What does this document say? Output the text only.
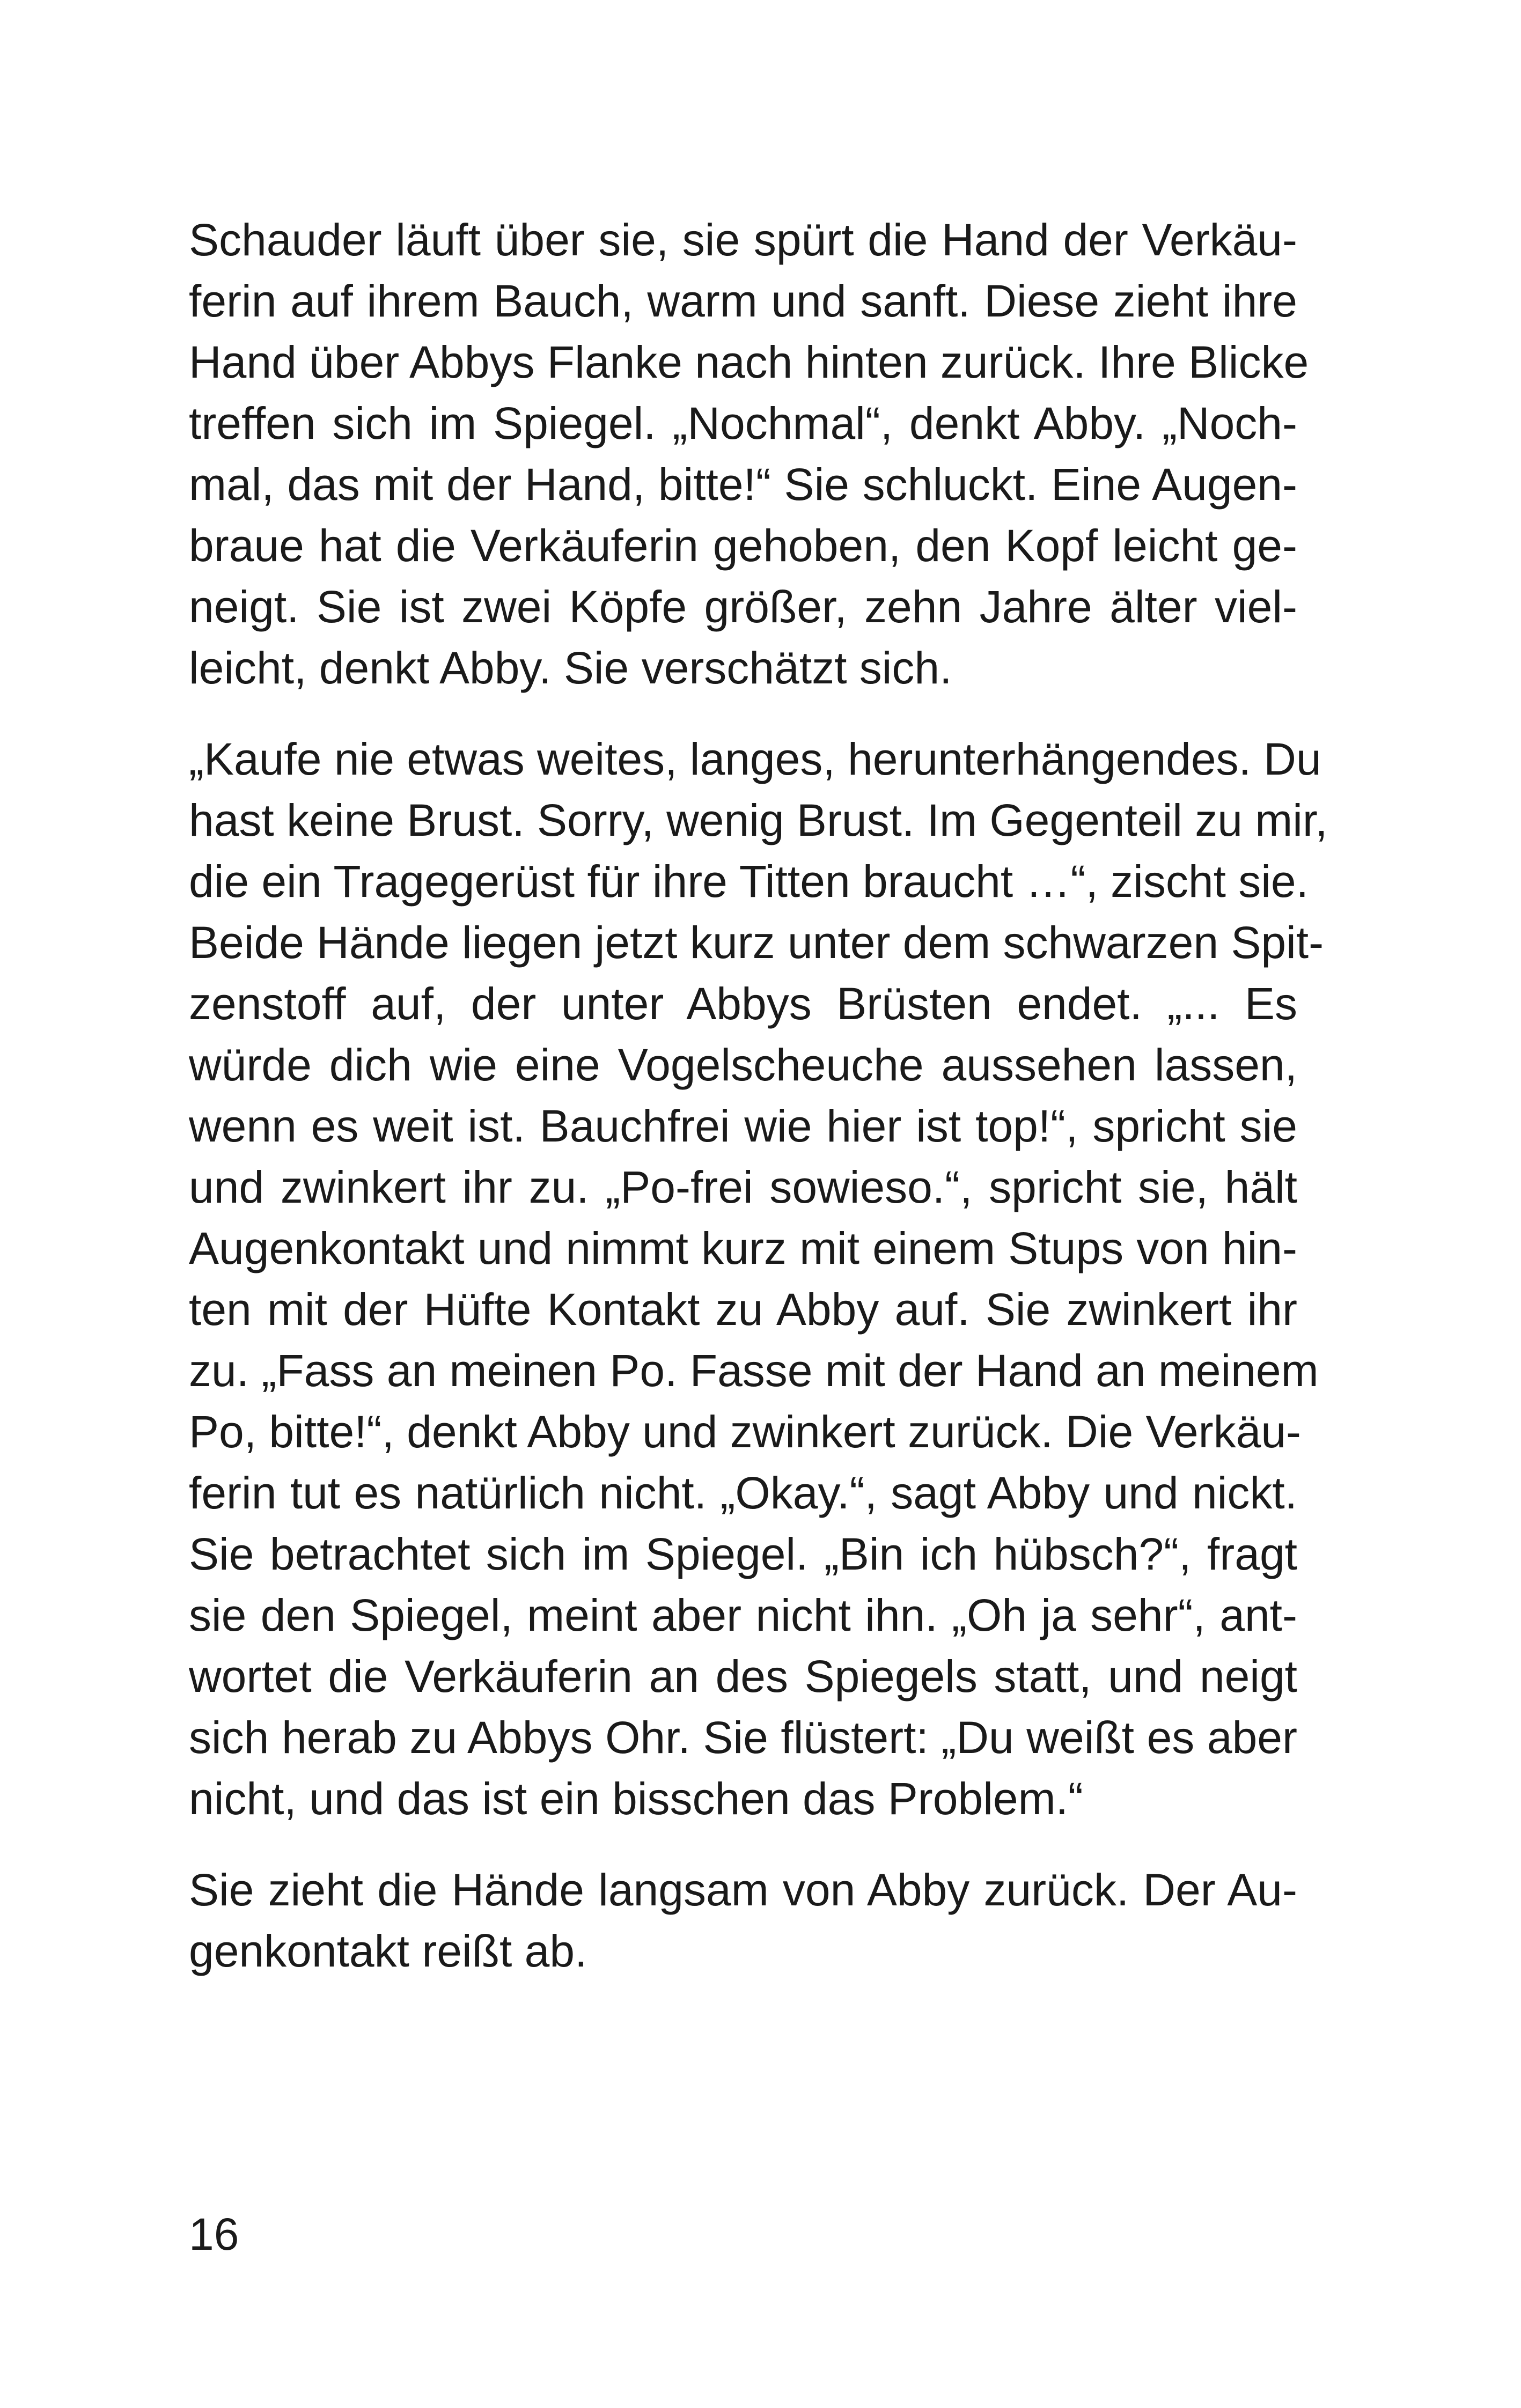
Schauder läuft über sie, sie spürt die Hand der Verkäu-
ferin auf ihrem Bauch, warm und sanft. Diese zieht ihre
Hand über Abbys Flanke nach hinten zurück. Ihre Blicke
treffen sich im Spiegel. „Nochmal“, denkt Abby. „Noch-
mal, das mit der Hand, bitte!“ Sie schluckt. Eine Augen-
braue hat die Verkäuferin gehoben, den Kopf leicht ge-
neigt. Sie ist zwei Köpfe größer, zehn Jahre älter viel-
leicht, denkt Abby. Sie verschätzt sich.

„Kaufe nie etwas weites, langes, herunterhängendes. Du
hast keine Brust. Sorry, wenig Brust. Im Gegenteil zu mir,
die ein Tragegerüst für ihre Titten braucht …“, zischt sie.
Beide Hände liegen jetzt kurz unter dem schwarzen Spit-
zenstoff auf, der unter Abbys Brüsten endet. „... Es
würde dich wie eine Vogelscheuche aussehen lassen,
wenn es weit ist. Bauchfrei wie hier ist top!“, spricht sie
und zwinkert ihr zu. „Po-frei sowieso.“, spricht sie, hält
Augenkontakt und nimmt kurz mit einem Stups von hin-
ten mit der Hüfte Kontakt zu Abby auf. Sie zwinkert ihr
zu. „Fass an meinen Po. Fasse mit der Hand an meinem
Po, bitte!“, denkt Abby und zwinkert zurück. Die Verkäu-
ferin tut es natürlich nicht. „Okay.“, sagt Abby und nickt.
Sie betrachtet sich im Spiegel. „Bin ich hübsch?“, fragt
sie den Spiegel, meint aber nicht ihn. „Oh ja sehr“, ant-
wortet die Verkäuferin an des Spiegels statt, und neigt
sich herab zu Abbys Ohr. Sie flüstert: „Du weißt es aber
nicht, und das ist ein bisschen das Problem.“

Sie zieht die Hände langsam von Abby zurück. Der Au-
genkontakt reißt ab.

16
